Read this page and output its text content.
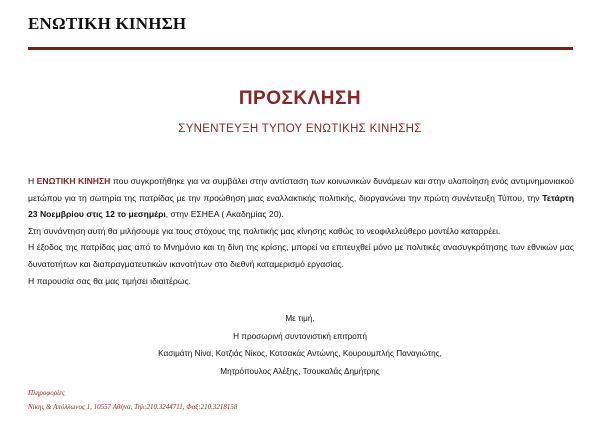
ΕΝΩΤΙΚΗ ΚΙΝΗΣΗ
ΠΡΟΣΚΛΗΣΗ
ΣΥΝΕΝΤΕΥΞΗ ΤΥΠΟΥ ΕΝΩΤΙΚΗΣ ΚΙΝΗΣΗΣ

Η ΕΝΩΤΙΚΗ ΚΙΝΗΣΗ που συγκροτήθηκε για να συμβάλει στην αντίσταση των κοινωνικών δυνάμεων και στην υλοποίηση ενός αντιμνημονιακού μετώπου για τη σωτηρία της πατρίδας με την προώθηση μιας εναλλακτικής πολιτικής, διοργανώνει την πρώτη συνέντευξη Τύπου, την Τετάρτη 23 Νοεμβρίου στις 12 το μεσημέρι, στην ΕΣΗΕΑ ( Ακαδημίας 20).

Στη συνάντηση αυτή θα μιλήσουμε για τους στόχους της πολιτικής μας κίνησης καθώς το νεοφιλελεύθερο μοντέλο καταρρέει.

Η έξοδος της πατρίδας μας από το Μνημόνιο και τη δίνη της κρίσης, μπορεί να επιτευχθεί μόνο με πολιτικές ανασυγκρότησης των εθνικών μας δυνατοτήτων και διαπραγματευτικών ικανοτήτων στο διεθνή καταμερισμό εργασίας.

Η παρουσία σας θα μας τιμήσει ιδιαιτέρως.

Με τιμή,
Η προσωρινή συντονιστική επιτροπή
Κασιμάτη Νίνα, Κοτζιάς Νίκος, Κοτσακάς Αντώνης, Κουρουμπλής Παναγιώτης,
Μητρόπουλος Αλέξης, Τσουκαλάς Δημήτρης
Πληροφορίες
Νίκης & Απόλλωνος 1, 10557 Αθήνα, Τηλ:210.3244711, Φαξ:210.3218158
